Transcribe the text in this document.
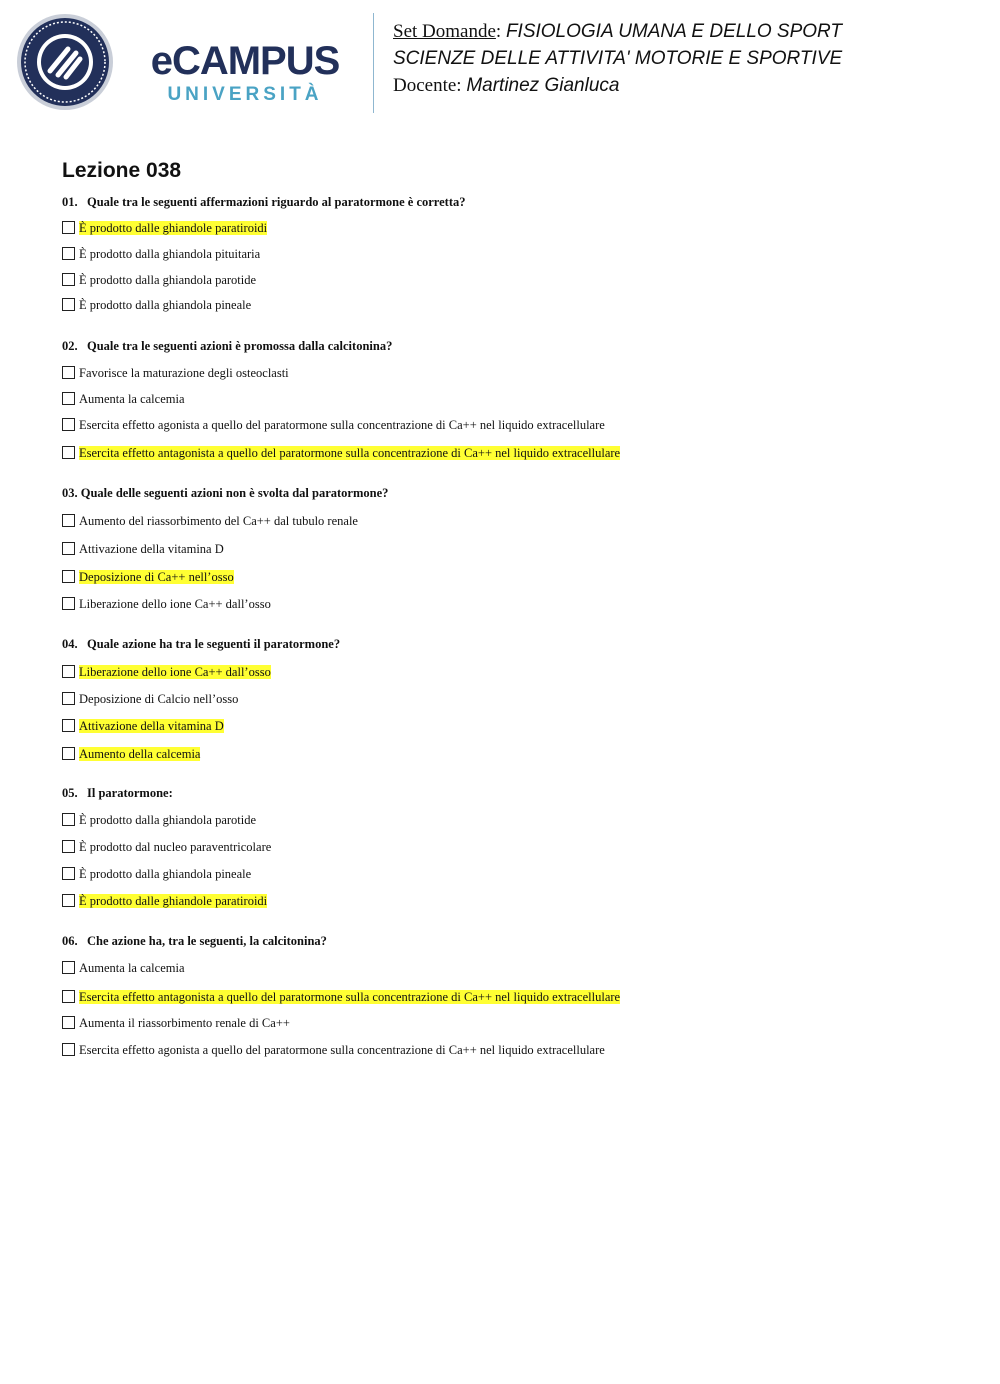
eCAMPUS
UNIVERSITÀ
Set Domande: FISIOLOGIA UMANA E DELLO SPORT
SCIENZE DELLE ATTIVITA' MOTORIE E SPORTIVE
Docente: Martinez Gianluca
Lezione 038
01.   Quale tra le seguenti affermazioni riguardo al paratormone è corretta?
È prodotto dalle ghiandole paratiroidi
È prodotto dalla ghiandola pituitaria
È prodotto dalla ghiandola parotide
È prodotto dalla ghiandola pineale
02.   Quale tra le seguenti azioni è promossa dalla calcitonina?
Favorisce la maturazione degli osteoclasti
Aumenta la calcemia
Esercita effetto agonista a quello del paratormone sulla concentrazione di Ca++ nel liquido extracellulare
Esercita effetto antagonista a quello del paratormone sulla concentrazione di Ca++ nel liquido extracellulare
03. Quale delle seguenti azioni non è svolta dal paratormone?
Aumento del riassorbimento del Ca++ dal tubulo renale
Attivazione della vitamina D
Deposizione di Ca++ nell’osso
Liberazione dello ione Ca++ dall’osso
04.   Quale azione ha tra le seguenti il paratormone?
Liberazione dello ione Ca++ dall’osso
Deposizione di Calcio nell’osso
Attivazione della vitamina D
Aumento della calcemia
05.   Il paratormone:
È prodotto dalla ghiandola parotide
È prodotto dal nucleo paraventricolare
È prodotto dalla ghiandola pineale
È prodotto dalle ghiandole paratiroidi
06.   Che azione ha, tra le seguenti, la calcitonina?
Aumenta la calcemia
Esercita effetto antagonista a quello del paratormone sulla concentrazione di Ca++ nel liquido extracellulare
Aumenta il riassorbimento renale di Ca++
Esercita effetto agonista a quello del paratormone sulla concentrazione di Ca++ nel liquido extracellulare
